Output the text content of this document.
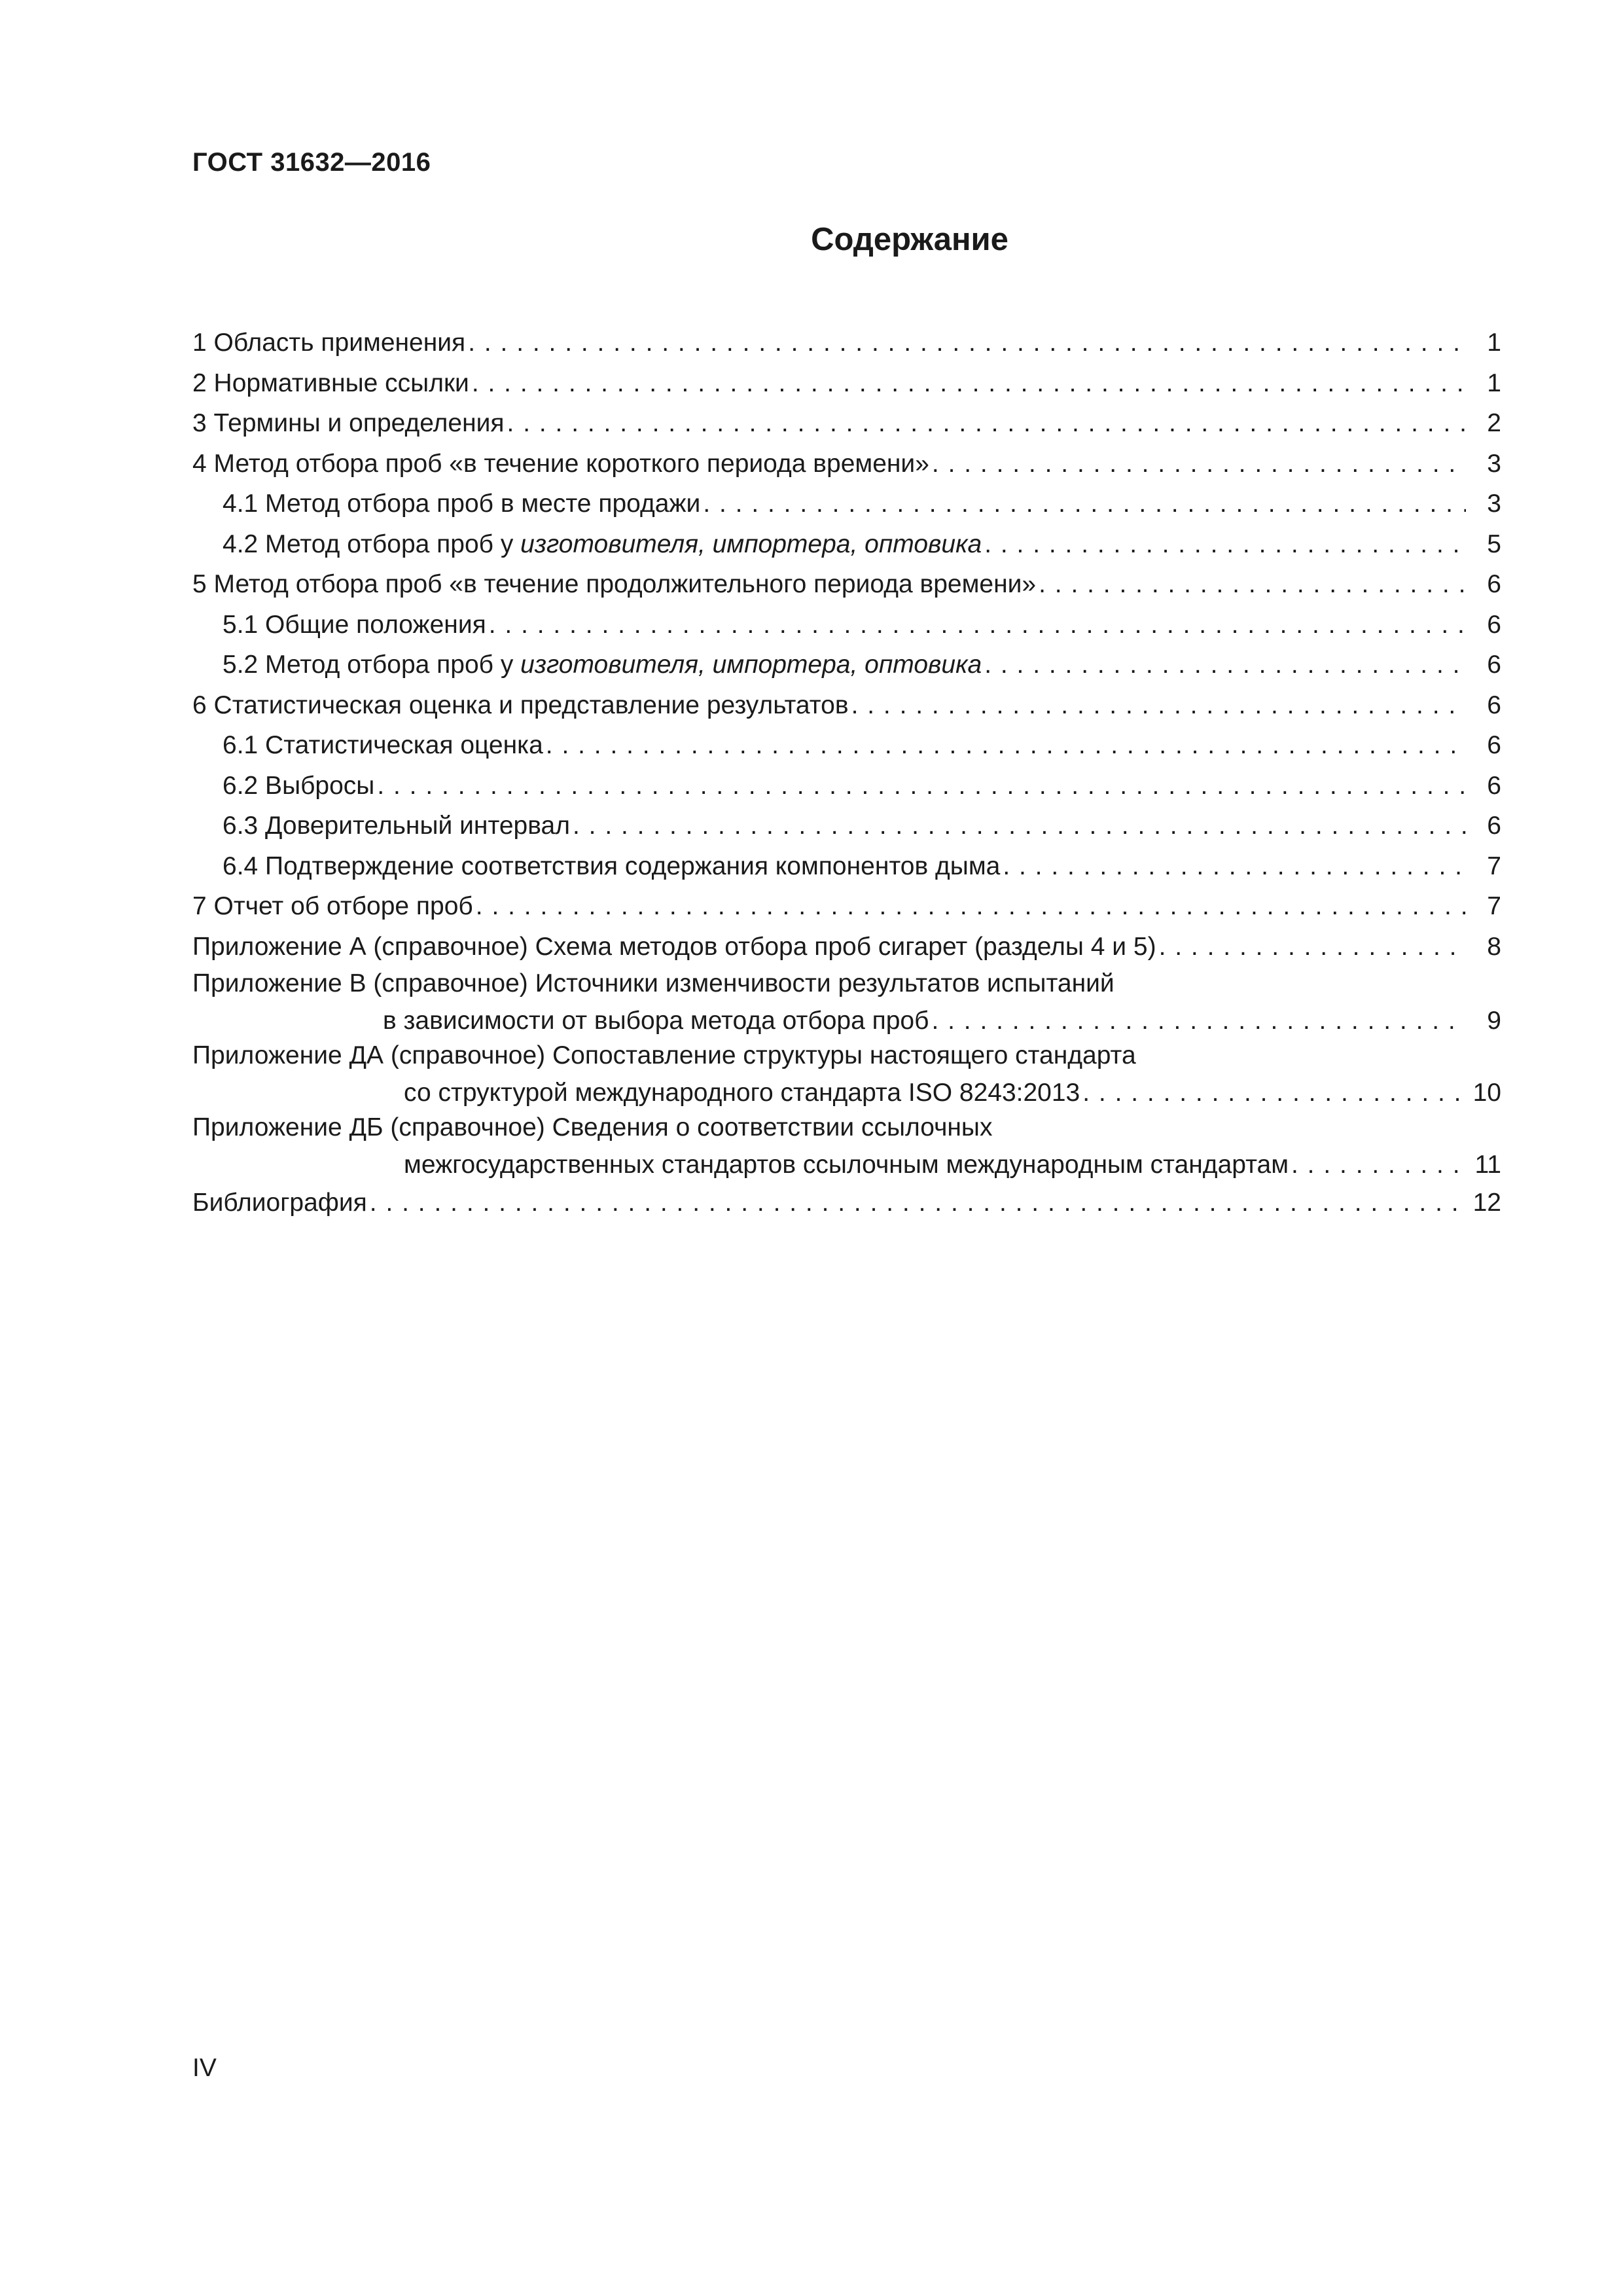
ГОСТ 31632—2016
Содержание
1 Область применения . . .	1
2 Нормативные ссылки . . .	1
3 Термины и определения . . .	2
4 Метод отбора проб «в течение короткого периода времени» . . .	3
4.1 Метод отбора проб в месте продажи . . .	3
4.2 Метод отбора проб у изготовителя, импортера, оптовика . . .	5
5 Метод отбора проб «в течение продолжительного периода времени» . . .	6
5.1 Общие положения . . .	6
5.2 Метод отбора проб у изготовителя, импортера, оптовика . . .	6
6 Статистическая оценка и представление результатов . . .	6
6.1 Статистическая оценка . . .	6
6.2 Выбросы . . .	6
6.3 Доверительный интервал . . .	6
6.4 Подтверждение соответствия содержания компонентов дыма . . .	7
7 Отчет об отборе проб . . .	7
Приложение А (справочное) Схема методов отбора проб сигарет (разделы 4 и 5) . . .	8
Приложение В (справочное) Источники изменчивости результатов испытаний
в зависимости от выбора метода отбора проб . . .	9
Приложение ДА (справочное) Сопоставление структуры настоящего стандарта
со структурой международного стандарта ISO 8243:2013 . . .	10
Приложение ДБ (справочное) Сведения о соответствии ссылочных
межгосударственных стандартов ссылочным международным стандартам . . .	11
Библиография . . .	12
IV
